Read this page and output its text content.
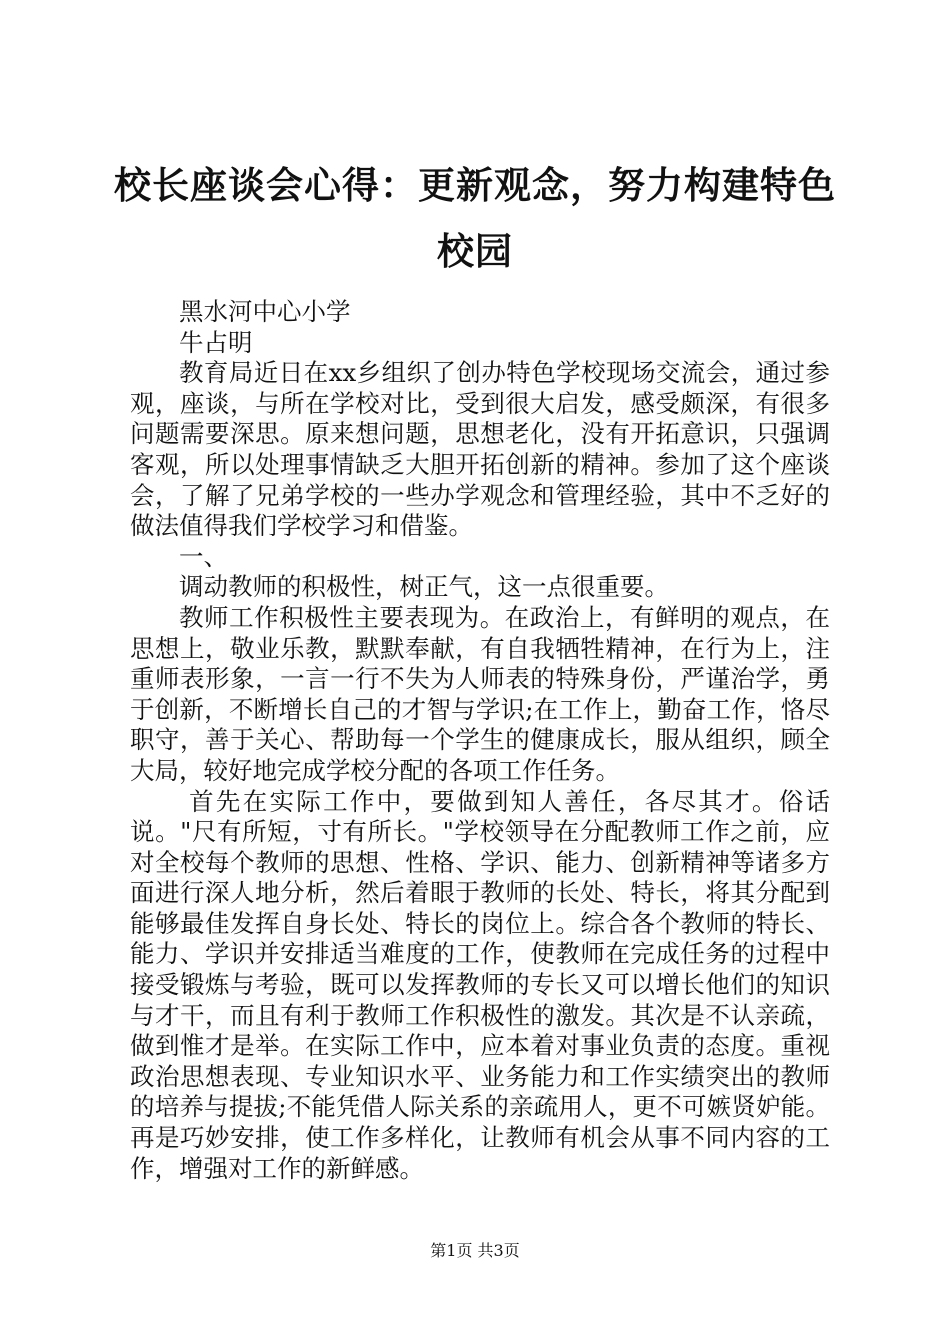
校长座谈会心得：更新观念，努力构建特色校园

黑水河中心小学

牛占明

教育局近日在xx乡组织了创办特色学校现场交流会，通过参观，座谈，与所在学校对比，受到很大启发，感受颇深，有很多问题需要深思。原来想问题，思想老化，没有开拓意识，只强调客观，所以处理事情缺乏大胆开拓创新的精神。参加了这个座谈会，了解了兄弟学校的一些办学观念和管理经验，其中不乏好的做法值得我们学校学习和借鉴。

一、

调动教师的积极性，树正气，这一点很重要。

教师工作积极性主要表现为。在政治上，有鲜明的观点，在思想上，敬业乐教，默默奉献，有自我牺牲精神，在行为上，注重师表形象，一言一行不失为人师表的特殊身份，严谨治学，勇于创新，不断增长自己的才智与学识;在工作上，勤奋工作，恪尽职守，善于关心、帮助每一个学生的健康成长，服从组织，顾全大局，较好地完成学校分配的各项工作任务。

首先在实际工作中，要做到知人善任，各尽其才。俗话说。"尺有所短，寸有所长。"学校领导在分配教师工作之前，应对全校每个教师的思想、性格、学识、能力、创新精神等诸多方面进行深人地分析，然后着眼于教师的长处、特长，将其分配到能够最佳发挥自身长处、特长的岗位上。综合各个教师的特长、能力、学识并安排适当难度的工作，使教师在完成任务的过程中接受锻炼与考验，既可以发挥教师的专长又可以增长他们的知识与才干，而且有利于教师工作积极性的激发。其次是不认亲疏，做到惟才是举。在实际工作中，应本着对事业负责的态度。重视政治思想表现、专业知识水平、业务能力和工作实绩突出的教师的培养与提拔;不能凭借人际关系的亲疏用人，更不可嫉贤妒能。再是巧妙安排，使工作多样化，让教师有机会从事不同内容的工作，增强对工作的新鲜感。

第1页 共3页
